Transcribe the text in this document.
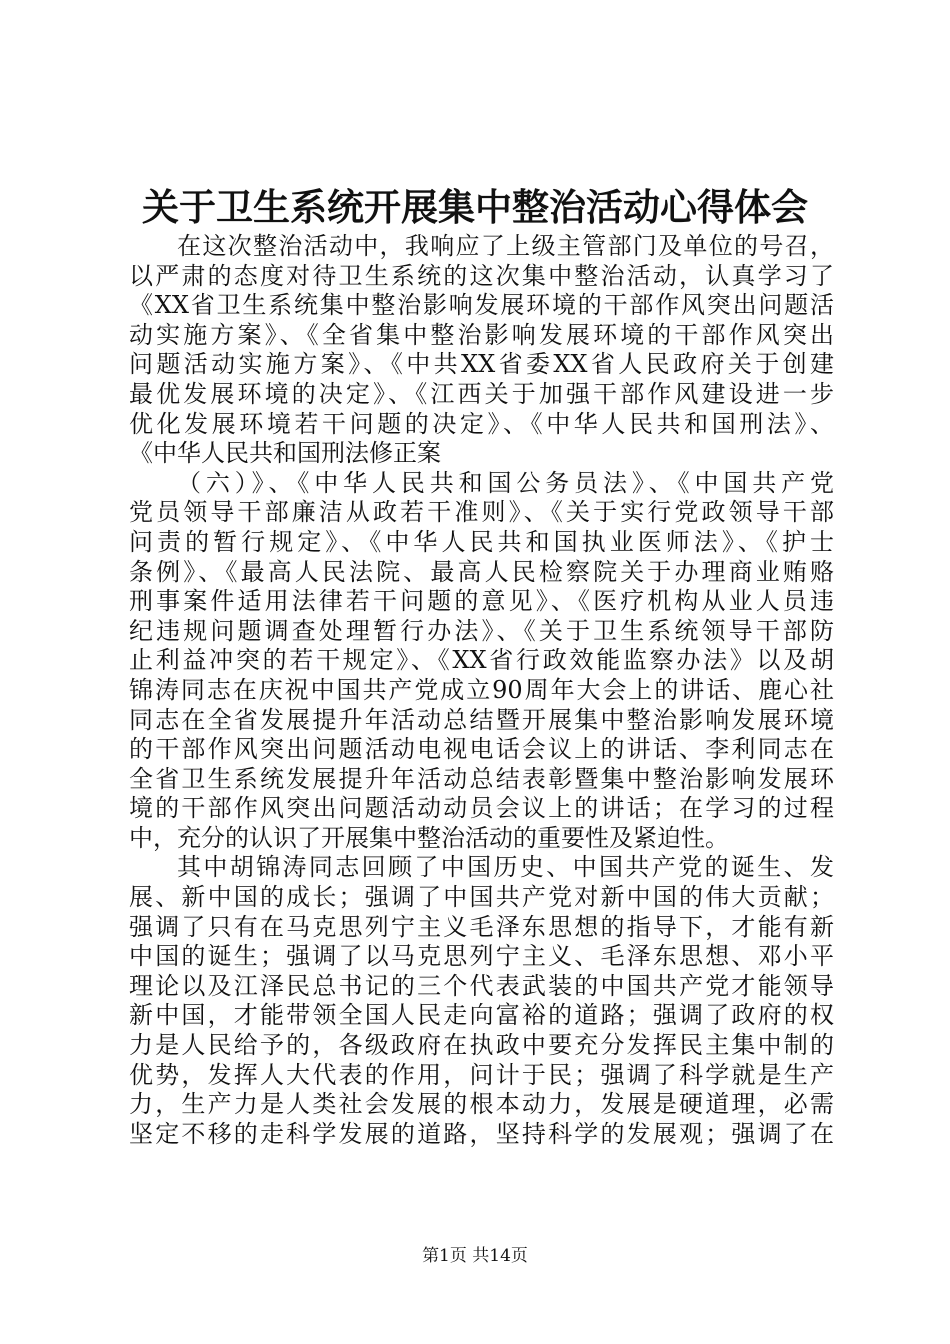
关于卫生系统开展集中整治活动心得体会

在这次整治活动中，我响应了上级主管部门及单位的号召，

以严肃的态度对待卫生系统的这次集中整治活动，认真学习了

《XX省卫生系统集中整治影响发展环境的干部作风突出问题活

动实施方案》、《全省集中整治影响发展环境的干部作风突出

问题活动实施方案》、《中共XX省委XX省人民政府关于创建

最优发展环境的决定》、《江西关于加强干部作风建设进一步

优化发展环境若干问题的决定》、《中华人民共和国刑法》、

《中华人民共和国刑法修正案

（六）》、《中华人民共和国公务员法》、《中国共产党

党员领导干部廉洁从政若干准则》、《关于实行党政领导干部

问责的暂行规定》、《中华人民共和国执业医师法》、《护士

条例》、《最高人民法院、最高人民检察院关于办理商业贿赂

刑事案件适用法律若干问题的意见》、《医疗机构从业人员违

纪违规问题调查处理暂行办法》、《关于卫生系统领导干部防

止利益冲突的若干规定》、《XX省行政效能监察办法》以及胡

锦涛同志在庆祝中国共产党成立90周年大会上的讲话、鹿心社

同志在全省发展提升年活动总结暨开展集中整治影响发展环境

的干部作风突出问题活动电视电话会议上的讲话、李利同志在

全省卫生系统发展提升年活动总结表彰暨集中整治影响发展环

境的干部作风突出问题活动动员会议上的讲话；在学习的过程

中，充分的认识了开展集中整治活动的重要性及紧迫性。

其中胡锦涛同志回顾了中国历史、中国共产党的诞生、发

展、新中国的成长；强调了中国共产党对新中国的伟大贡献；

强调了只有在马克思列宁主义毛泽东思想的指导下，才能有新

中国的诞生；强调了以马克思列宁主义、毛泽东思想、邓小平

理论以及江泽民总书记的三个代表武装的中国共产党才能领导

新中国，才能带领全国人民走向富裕的道路；强调了政府的权

力是人民给予的，各级政府在执政中要充分发挥民主集中制的

优势，发挥人大代表的作用，问计于民；强调了科学就是生产

力，生产力是人类社会发展的根本动力，发展是硬道理，必需

坚定不移的走科学发展的道路，坚持科学的发展观；强调了在

第1页 共14页
